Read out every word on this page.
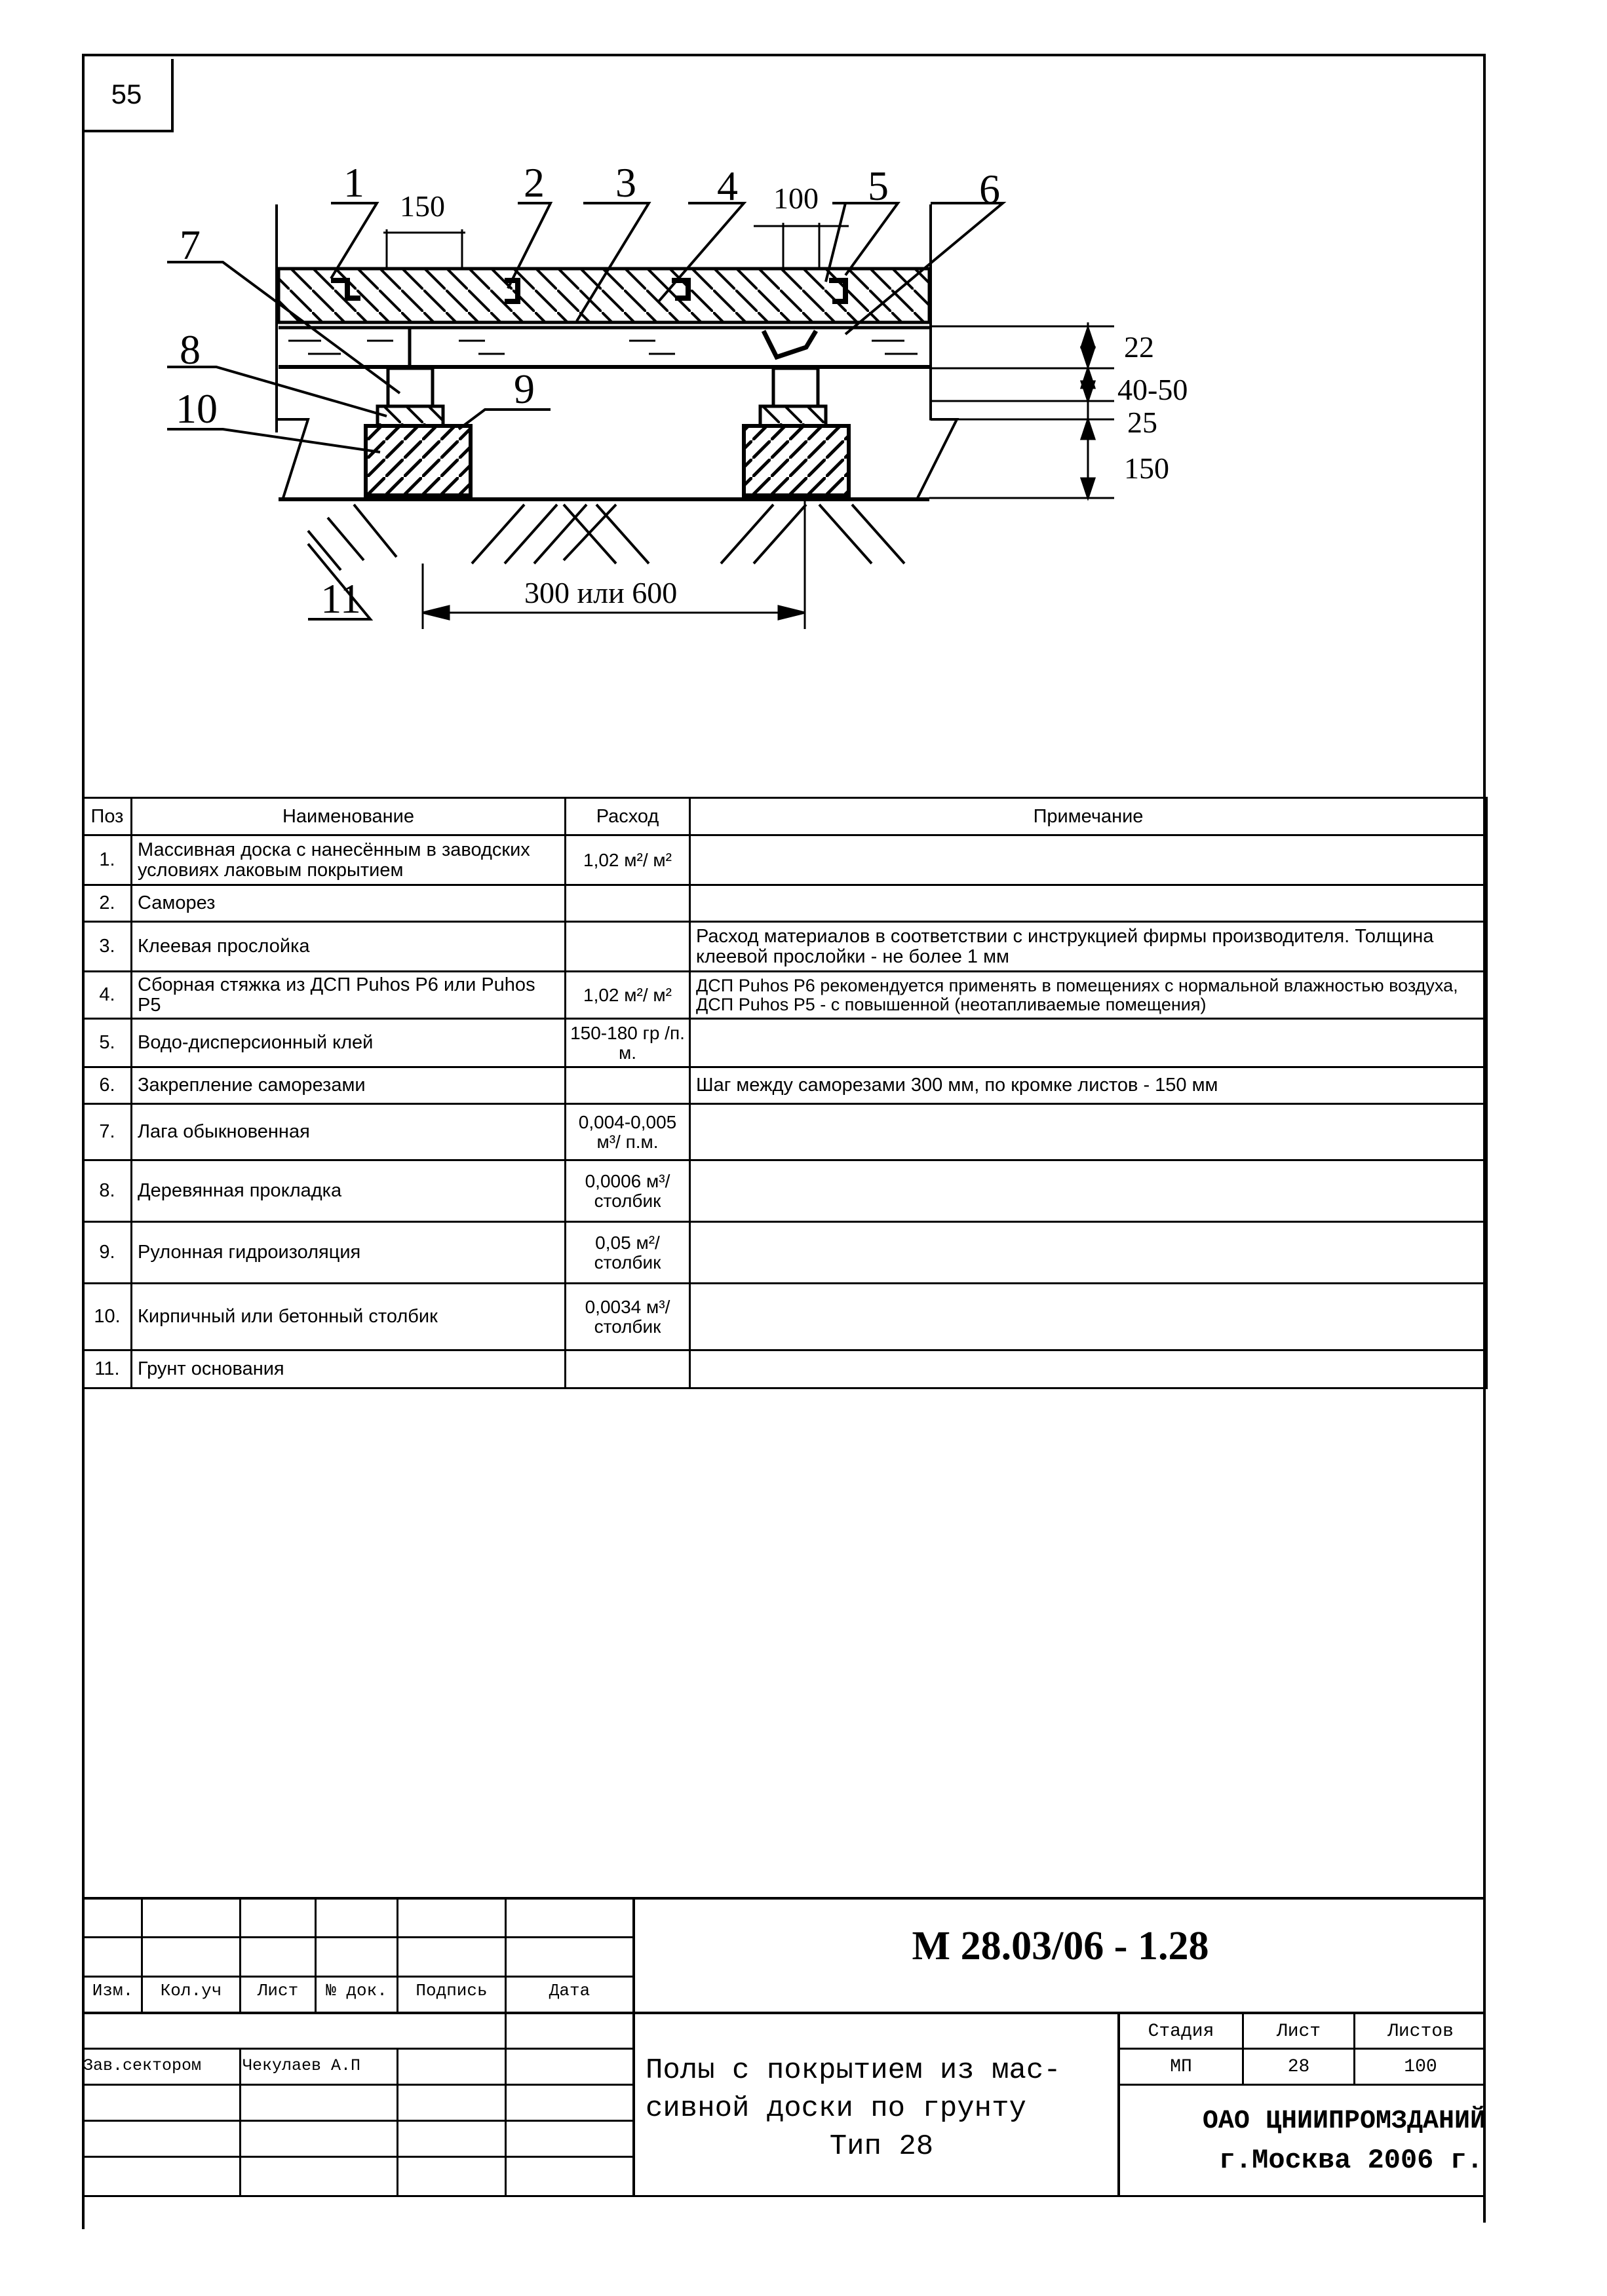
55
1	2 3 4	5 6
7
8
9
10
11
150	100
22
40-50
25
150
300 или 600
Поз	Наименование	Расход	Примечание
1.	Массивная доска с нанесённым в заводских условиях лаковым покрытием	1,02 м²/ м²	
2.	Саморез		
3.	Клеевая прослойка		Расход материалов в соответствии с инструкцией фирмы производителя. Толщина клеевой прослойки - не более 1 мм
4.	Сборная стяжка из ДСП Puhos P6 или Puhos P5	1,02 м²/ м²	ДСП Puhos P6 рекомендуется применять в помещениях с нормальной влажностью воздуха, ДСП Puhos P5 - с повышенной (неотапливаемые помещения)
5.	Водо-дисперсионный клей	150-180 гр /п. м.	
6.	Закрепление саморезами		Шаг между саморезами 300 мм, по кромке листов - 150 мм
7.	Лага обыкновенная	0,004-0,005 м³/ п.м.	
8.	Деревянная прокладка	0,0006 м³/ столбик	
9.	Рулонная гидроизоляция	0,05 м²/ столбик	
10.	Кирпичный или бетонный столбик	0,0034 м³/ столбик	
11.	Грунт основания		
Изм.	Кол.уч	Лист	№ док.	Подпись	Дата
Зав.сектором	Чекулаев А.П
М 28.03/06 - 1.28
Полы с покрытием из мас-
сивной доски по грунту
Тип 28
Стадия	Лист	Листов
МП	28	100
ОАО ЦНИИПРОМЗДАНИЙ
г.Москва 2006 г.
